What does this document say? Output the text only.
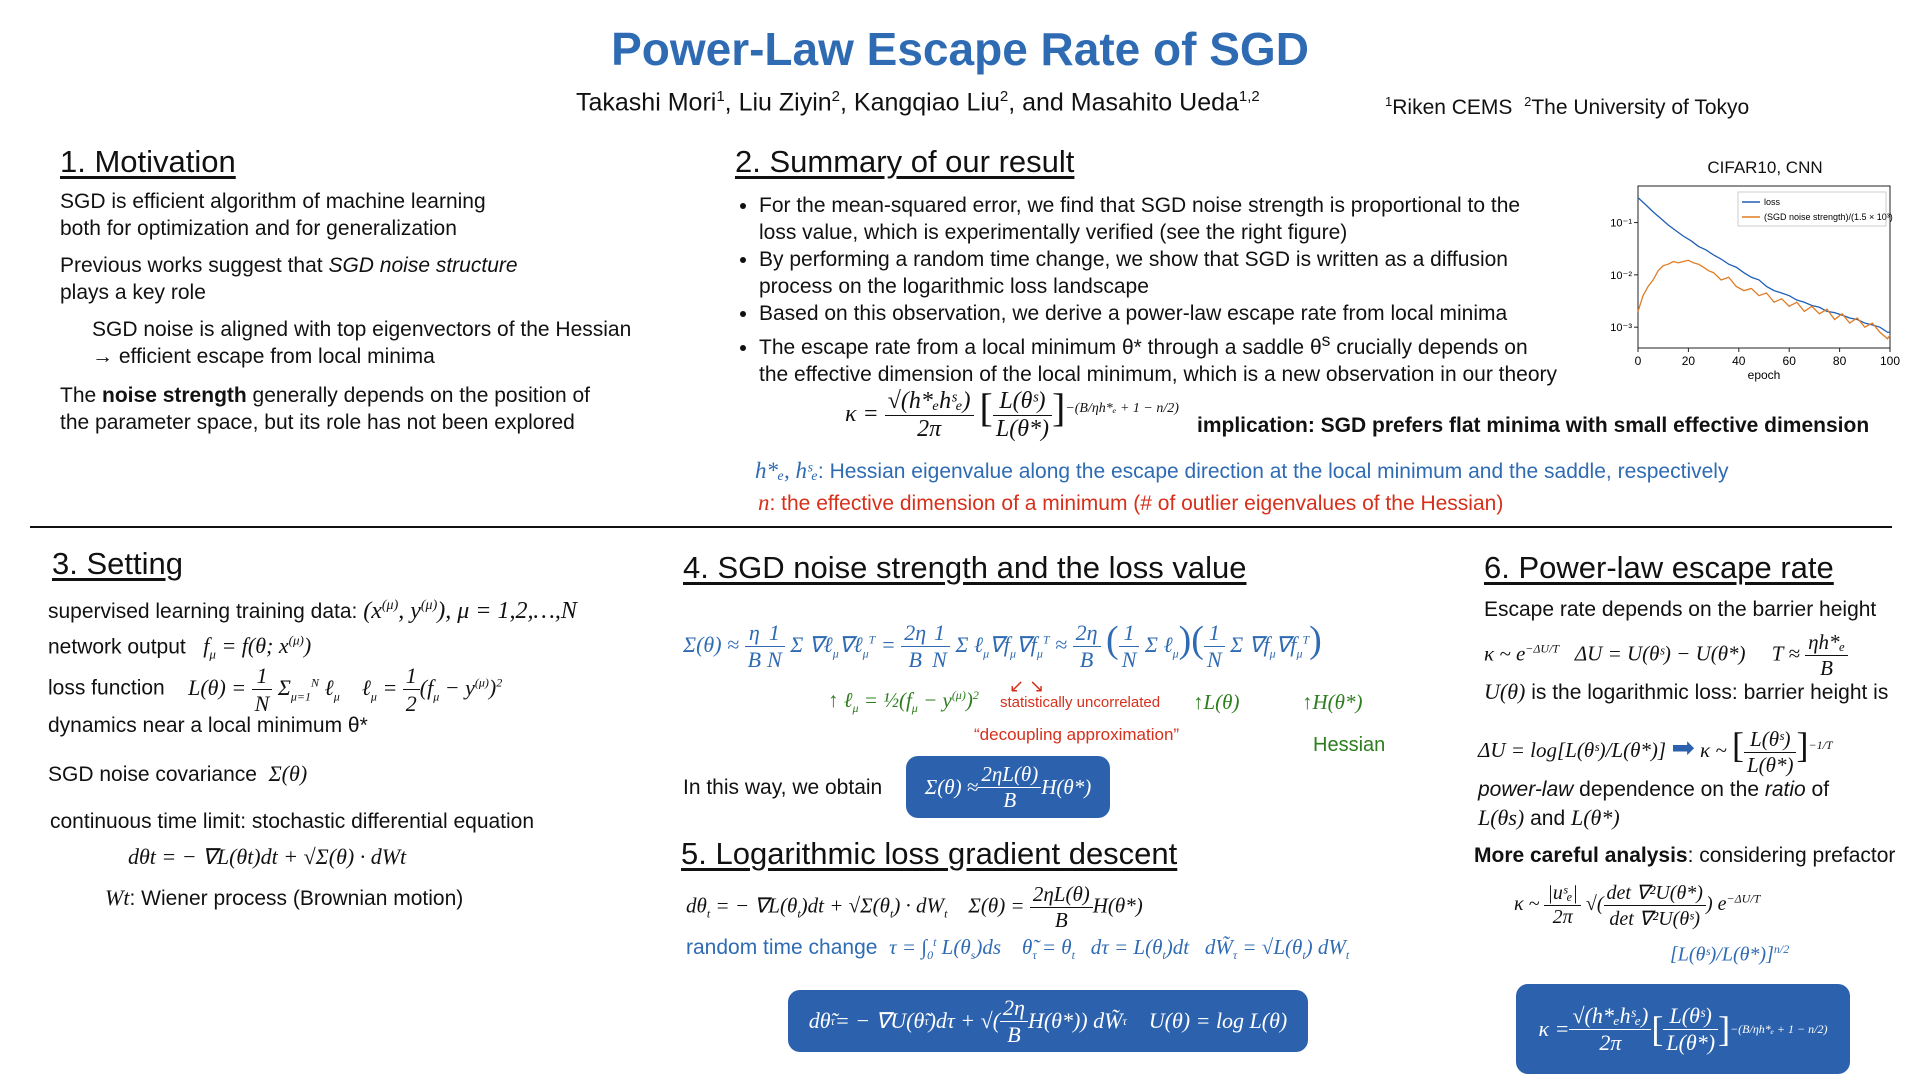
Power-Law Escape Rate of SGD
Takashi Mori$^1$, Liu Ziyin$^2$, Kangqiao Liu$^2$, and Masahito Ueda$^{1,2}$	$^1$Riken CEMS $^2$The University of Tokyo
1. Motivation
SGD is efficient algorithm of machine learning
both for optimization and for generalization
Previous works suggest that SGD noise structure
plays a key role
SGD noise is aligned with top eigenvectors of the Hessian
→ efficient escape from local minima
The noise strength generally depends on the position of
the parameter space, but its role has not been explored
2. Summary of our result
• For the mean-squared error, we find that SGD noise strength is proportional to the
loss value, which is experimentally verified (see the right figure)
• By performing a random time change, we show that SGD is written as a diffusion
process on the logarithmic loss landscape
• Based on this observation, we derive a power-law escape rate from local minima
• The escape rate from a local minimum θ* through a saddle $\theta^s$ crucially depends on
the effective dimension of the local minimum, which is a new observation in our theory
$\kappa = \frac{\text{√(h*ₑhˢₑ)}}{2\pi}$ [ $\frac{\text{L(θˢ)}}{L(\theta*)} ]^{-(B/\eta h*_e + 1 - n/2)}$
implication: SGD prefers flat minima with small effective dimension
h*ₑ, hˢₑ: Hessian eigenvalue along the escape direction at the local minimum and the saddle, respectively
n: the effective dimension of a minimum (# of outlier eigenvalues of the Hessian)
CIFAR10, CNN
0	20	40	60	80	100
10⁻¹
10⁻²
10⁻³
epoch
loss
(SGD noise strength)/(1.5 × 10³)
3. Setting
supervised learning training data: ($x^{(\mu)}$, $y^{(\mu)}$), μ = 1,2,…,N
network output $f_\mu = f(\theta$; $x^{(\mu)}$)
loss function $L(\theta) = \frac{1}{N} \Sigma_{\mu=1}^N$ ℓ$_\mu$    ℓ$_\mu$ = $\frac{1}{2} (f_\mu - y^{(\mu)})^2$
dynamics near a local minimum θ*
SGD noise covariance Σ(θ)
continuous time limit: stochastic differential equation
dθt = − ∇L(θt)dt + √Σ(θ) · dWt
Wt: Wiener process (Brownian motion)
4. SGD noise strength and the loss value
$\Sigma(\theta) \approx \frac{\eta}{B} \frac{1}{N}$ Σ ∇ℓ$_\mu$∇ℓ$_\mu^T$ = $\frac{2\eta}{B} \frac{1}{N}$ Σ $\ell_\mu\nabla f_\mu\nabla f_\mu^T \approx \frac{2\eta}{B}$ ( $\frac{1}{N}$ Σ ℓ$_\mu$)( $\frac{1}{N}$ Σ $\nabla f_\mu\nabla f_\mu^T$)
↑ ℓ$_\mu$ = $\frac{1}{2}(f_\mu - y^{(\mu)})^2$ statistically uncorrelated
↙ ↘
“decoupling approximation”
↑L(θ)	↑H(θ*)
Hessian
In this way, we obtain	$\Sigma(\theta) \approx \frac{2\eta L(\theta)}{B} H(\theta*)$
5. Logarithmic loss gradient descent
$d\theta_t$ = − $\nabla L(\theta_t)dt + √\Sigma(\theta_t) \cdot dW_t$    $\Sigma(\theta) = \frac{2\eta L(\theta)}{B} H(\theta*)$
random time change $\tau = \int_0^t$ $L(\theta_s)ds$    $\thetã_\tau = \theta_t$   $d\tau = L(\theta_t)dt$   $dW̃_\tau = √L(\theta_t)$ $dW_t$
dθ̃ τ = − ∇U(θ̃ τ )dτ + √( $\frac{2\eta}{B} H(\theta*)$) dW̃ τ U(θ) = log L(θ)
6. Power-law escape rate
Escape rate depends on the barrier height
κ ~ $e^{-\Delta U/T}$   ΔU = U(θˢ) − U(θ*)     $T \approx \frac{\text{ηh*ₑ}}{B}$
U(θ) is the logarithmic loss: barrier height is
ΔU = log[L(θˢ)/L(θ*)] ➡ κ ~ [ $\frac{\text{L(θˢ)}}{L(\theta*)} ]^{-1/T}$
power-law dependence on the ratio of
L(θs) and L(θ*)
More careful analysis: considering prefactor
κ ~ $\frac{\text{|uˢₑ|}}{2\pi}$ √( $\frac{\text{det ∇²U(θ*)}}{\text{det ∇²U(θˢ)}}$ ) $e^{-\Delta U/T}$
[L(θˢ)/L(θ*)]$^{n/2}$
$\kappa = \frac{\text{√(h*ₑhˢₑ)}}{2\pi}$ [ $\frac{\text{L(θˢ)}}{L(\theta*)}$ ] −(B/ηh*ₑ + 1 − n/2)
